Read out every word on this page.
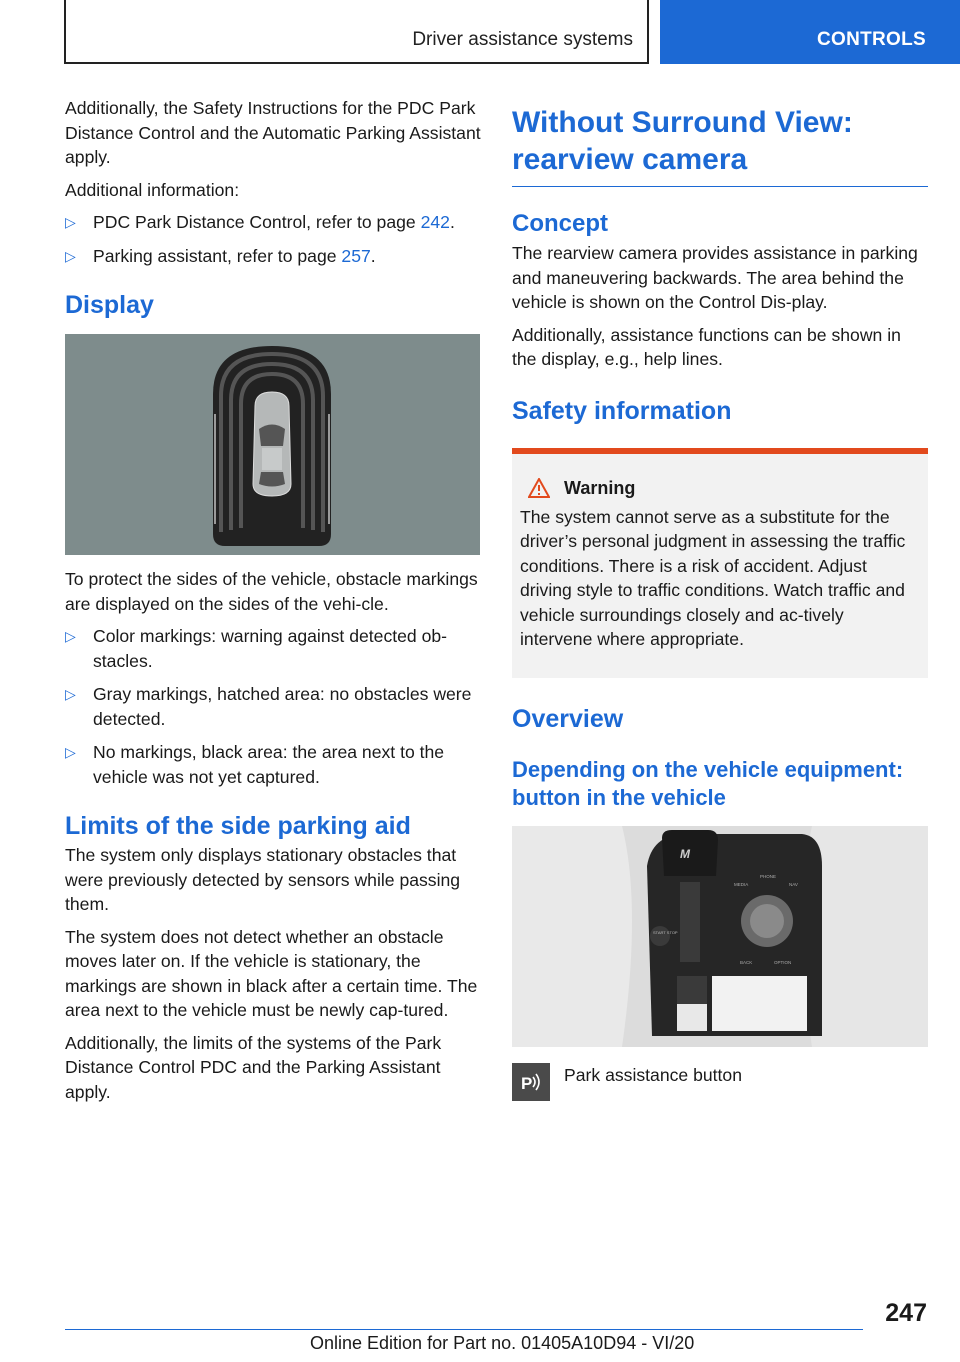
Driver assistance systems	CONTROLS

Additionally, the Safety Instructions for the PDC Park Distance Control and the Automatic Parking Assistant apply.

Additional information:

▷ PDC Park Distance Control, refer to page 242.
▷ Parking assistant, refer to page 257.
Display

To protect the sides of the vehicle, obstacle markings are displayed on the sides of the vehi-cle.

▷ Color markings: warning against detected ob-stacles.
▷ Gray markings, hatched area: no obstacles were detected.
▷ No markings, black area: the area next to the vehicle was not yet captured.
Limits of the side parking aid

The system only displays stationary obstacles that were previously detected by sensors while passing them.

The system does not detect whether an obstacle moves later on. If the vehicle is stationary, the markings are shown in black after a certain time. The area next to the vehicle must be newly cap-tured.

Additionally, the limits of the systems of the Park Distance Control PDC and the Parking Assistant apply.

Without Surround View: rearview camera
Concept

The rearview camera provides assistance in parking and maneuvering backwards. The area behind the vehicle is shown on the Control Dis-play.

Additionally, assistance functions can be shown in the display, e.g., help lines.

Safety information
Warning

The system cannot serve as a substitute for the driver’s personal judgment in assessing the traffic conditions. There is a risk of accident. Adjust driving style to traffic conditions. Watch traffic and vehicle surroundings closely and ac-tively intervene where appropriate.

Overview
Depending on the vehicle equipment: button in the vehicle
M
START STOP
MEDIA
PHONE
NAV
BACK	OPTION
P Park assistance button
247
Online Edition for Part no. 01405A10D94 - VI/20
